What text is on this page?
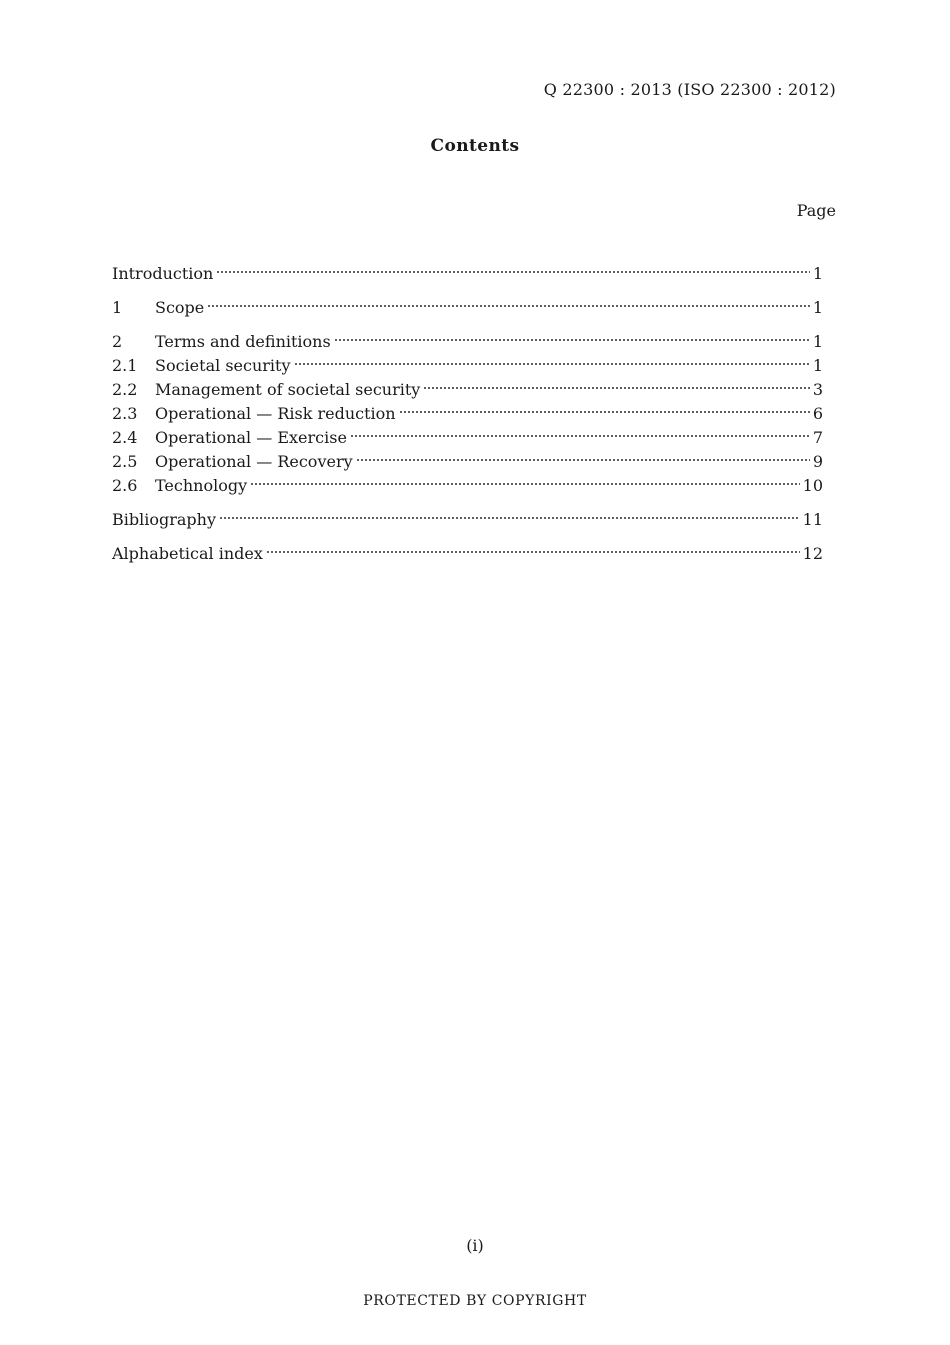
Q 22300 : 2013 (ISO 22300 : 2012)
Contents
Page
Introduction	1
1	Scope	1
2	Terms and definitions	1
2.1	Societal security	1
2.2	Management of societal security	3
2.3	Operational — Risk reduction	6
2.4	Operational — Exercise	7
2.5	Operational — Recovery	9
2.6	Technology	10
Bibliography	11
Alphabetical index	12
(i)
PROTECTED BY COPYRIGHT
